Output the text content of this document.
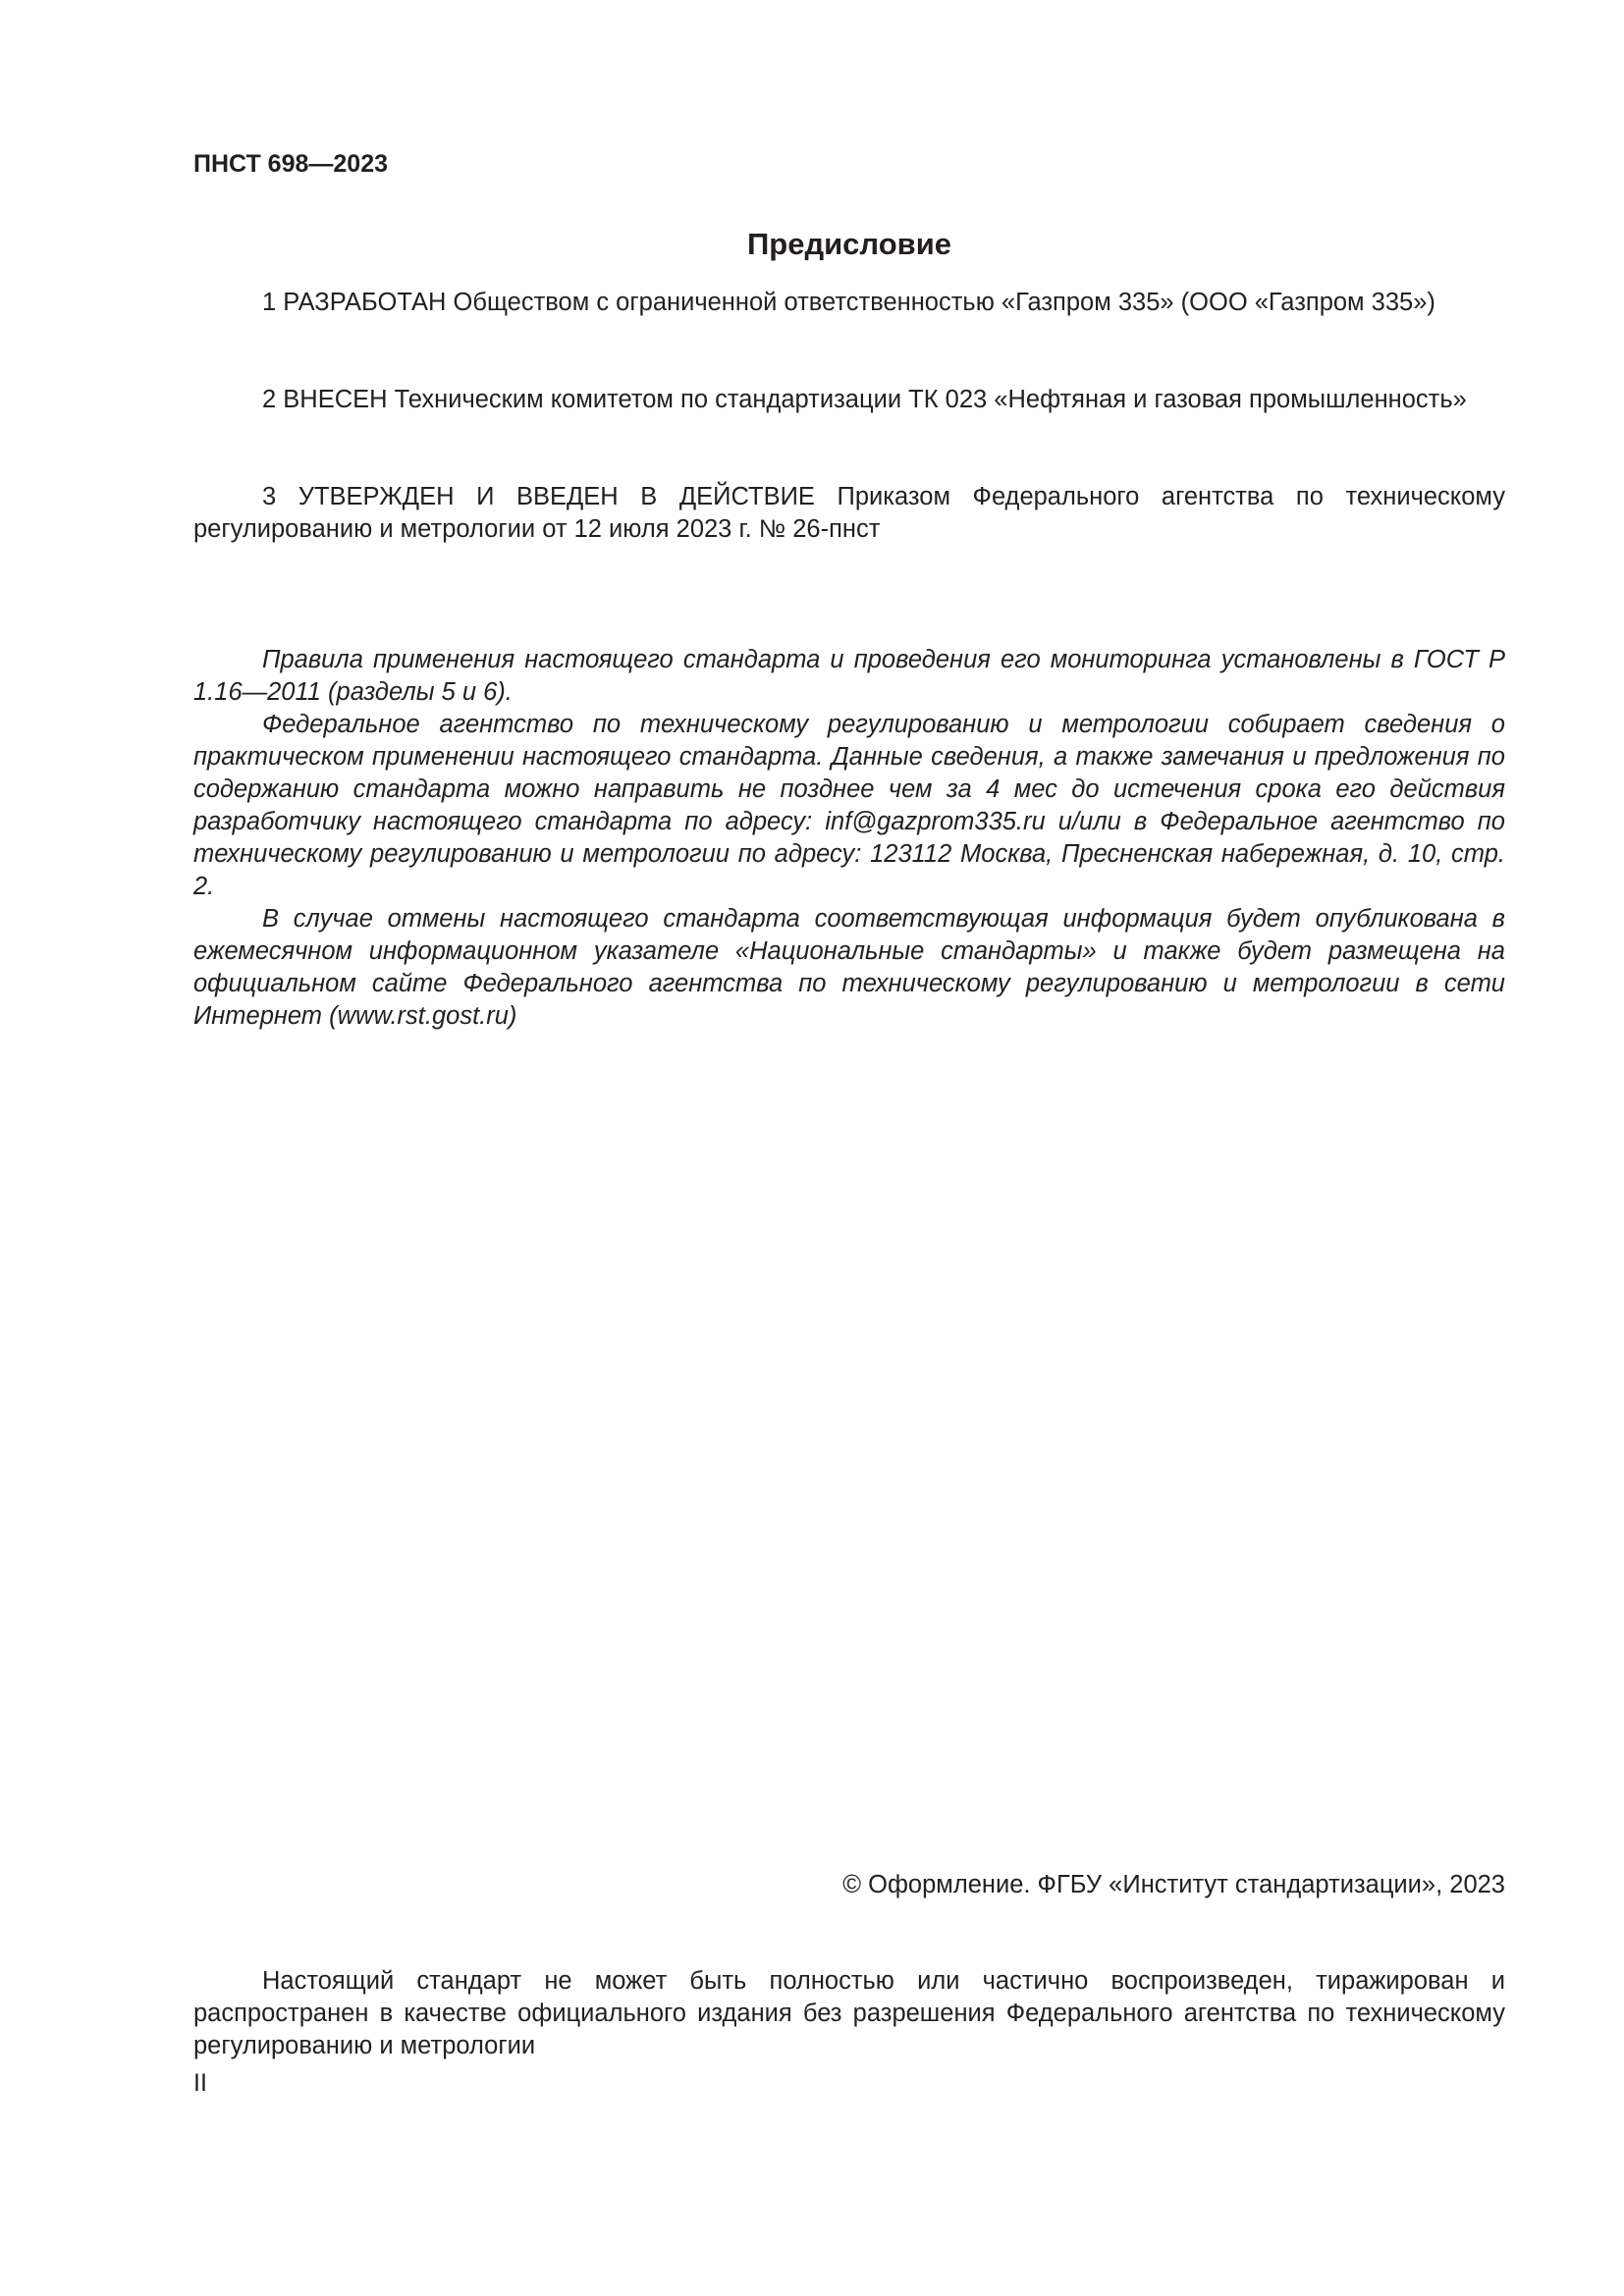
ПНСТ 698—2023
Предисловие

1 РАЗРАБОТАН Обществом с ограниченной ответственностью «Газпром 335» (ООО «Газпром 335»)

2 ВНЕСЕН Техническим комитетом по стандартизации ТК 023 «Нефтяная и газовая промышленность»

3 УТВЕРЖДЕН И ВВЕДЕН В ДЕЙСТВИЕ Приказом Федерального агентства по техническому регулированию и метрологии от 12 июля 2023 г. № 26-пнст

Правила применения настоящего стандарта и проведения его мониторинга установлены в ГОСТ Р 1.16—2011 (разделы 5 и 6).

Федеральное агентство по техническому регулированию и метрологии собирает сведения о практическом применении настоящего стандарта. Данные сведения, а также замечания и предложения по содержанию стандарта можно направить не позднее чем за 4 мес до истечения срока его действия разработчику настоящего стандарта по адресу: inf@gazprom335.ru и/или в Федеральное агентство по техническому регулированию и метрологии по адресу: 123112 Москва, Пресненская набережная, д. 10, стр. 2.

В случае отмены настоящего стандарта соответствующая информация будет опубликована в ежемесячном информационном указателе «Национальные стандарты» и также будет размещена на официальном сайте Федерального агентства по техническому регулированию и метрологии в сети Интернет (www.rst.gost.ru)

© Оформление. ФГБУ «Институт стандартизации», 2023

Настоящий стандарт не может быть полностью или частично воспроизведен, тиражирован и распространен в качестве официального издания без разрешения Федерального агентства по техническому регулированию и метрологии

II
